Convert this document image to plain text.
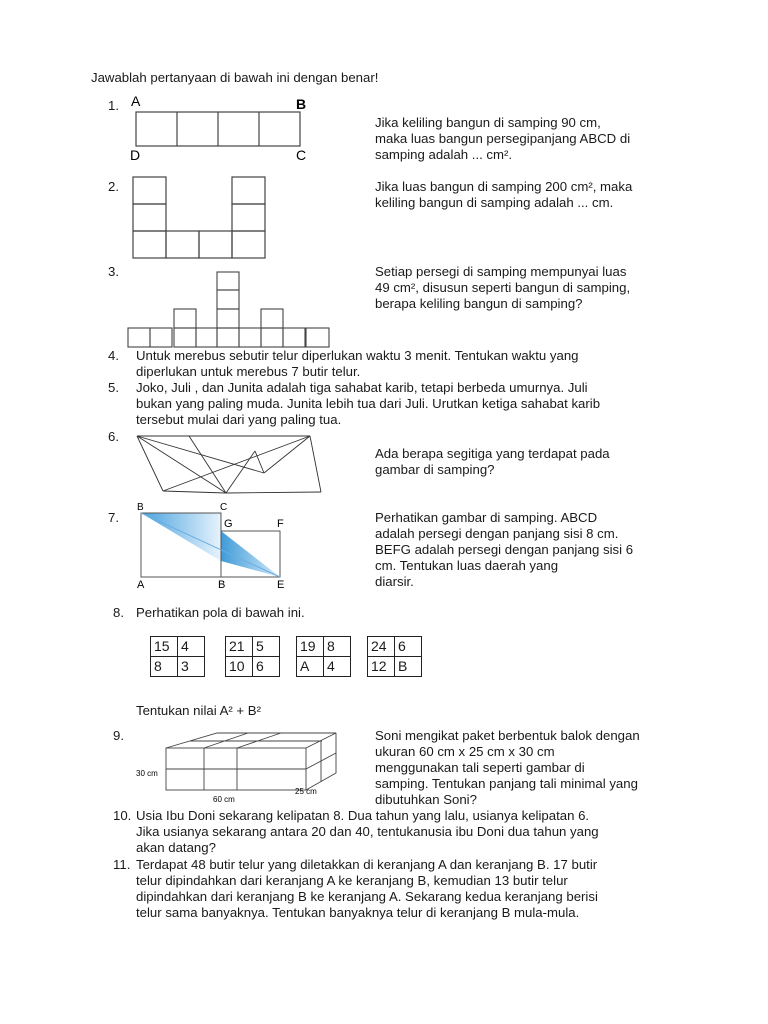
Jawablah pertanyaan di bawah ini dengan benar!
1. A	B
D	C
Jika keliling bangun di samping 90 cm,
maka luas bangun persegipanjang ABCD di
samping adalah ... cm².
2.	Jika luas bangun di samping 200 cm², maka
keliling bangun di samping adalah ... cm.
3.	Setiap persegi di samping mempunyai luas
49 cm², disusun seperti bangun di samping,
berapa keliling bangun di samping?
4. Untuk merebus sebutir telur diperlukan waktu 3 menit. Tentukan waktu yang
diperlukan untuk merebus 7 butir telur.
5. Joko, Juli , dan Junita adalah tiga sahabat karib, tetapi berbeda umurnya. Juli
bukan yang paling muda. Junita lebih tua dari Juli. Urutkan ketiga sahabat karib
tersebut mulai dari yang paling tua.
6.
Ada berapa segitiga yang terdapat pada
gambar di samping?
7.
B	C
G	F
A	B	E
Perhatikan gambar di samping. ABCD
adalah persegi dengan panjang sisi 8 cm.
BEFG adalah persegi dengan panjang sisi 6
cm. Tentukan luas daerah yang
diarsir.
8. Perhatikan pola di bawah ini.
15	4
8	3
21	5
10	6
19	8
A	4
24	6
12	B
Tentukan nilai A² + B²
9.
30 cm
60 cm
25 cm
Soni mengikat paket berbentuk balok dengan
ukuran 60 cm x 25 cm x 30 cm
menggunakan tali seperti gambar di
samping. Tentukan panjang tali minimal yang
dibutuhkan Soni?
10. Usia Ibu Doni sekarang kelipatan 8. Dua tahun yang lalu, usianya kelipatan 6.
Jika usianya sekarang antara 20 dan 40, tentukanusia ibu Doni dua tahun yang
akan datang?
11. Terdapat 48 butir telur yang diletakkan di keranjang A dan keranjang B. 17 butir
telur dipindahkan dari keranjang A ke keranjang B, kemudian 13 butir telur
dipindahkan dari keranjang B ke keranjang A. Sekarang kedua keranjang berisi
telur sama banyaknya. Tentukan banyaknya telur di keranjang B mula-mula.
